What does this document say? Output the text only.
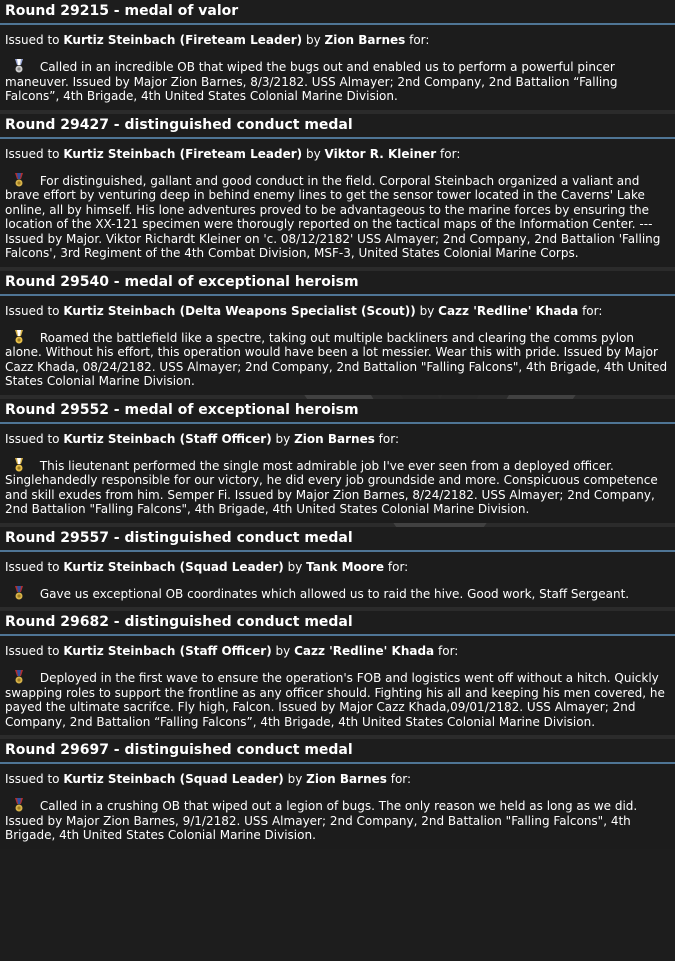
Round 29215 - medal of valor
Issued to Kurtiz Steinbach (Fireteam Leader) by Zion Barnes for:

Called in an incredible OB that wiped the bugs out and enabled us to perform a powerful pincer maneuver. Issued by Major Zion Barnes, 8/3/2182. USS Almayer; 2nd Company, 2nd Battalion “Falling Falcons”, 4th Brigade, 4th United States Colonial Marine Division.

Round 29427 - distinguished conduct medal
Issued to Kurtiz Steinbach (Fireteam Leader) by Viktor R. Kleiner for:

For distinguished, gallant and good conduct in the field. Corporal Steinbach organized a valiant and brave effort by venturing deep in behind enemy lines to get the sensor tower located in the Caverns' Lake online, all by himself. His lone adventures proved to be advantageous to the marine forces by ensuring the location of the XX-121 specimen were thorougly reported on the tactical maps of the Information Center. --- Issued by Major. Viktor Richardt Kleiner on 'c. 08/12/2182' USS Almayer; 2nd Company, 2nd Battalion 'Falling Falcons', 3rd Regiment of the 4th Combat Division, MSF-3, United States Colonial Marine Corps.

Round 29540 - medal of exceptional heroism
Issued to Kurtiz Steinbach (Delta Weapons Specialist (Scout)) by Cazz 'Redline' Khada for:

Roamed the battlefield like a spectre, taking out multiple backliners and clearing the comms pylon alone. Without his effort, this operation would have been a lot messier. Wear this with pride. Issued by Major Cazz Khada, 08/24/2182. USS Almayer; 2nd Company, 2nd Battalion "Falling Falcons", 4th Brigade, 4th United States Colonial Marine Division.

Round 29552 - medal of exceptional heroism
Issued to Kurtiz Steinbach (Staff Officer) by Zion Barnes for:

This lieutenant performed the single most admirable job I've ever seen from a deployed officer. Singlehandedly responsible for our victory, he did every job groundside and more. Conspicuous competence and skill exudes from him. Semper Fi. Issued by Major Zion Barnes, 8/24/2182. USS Almayer; 2nd Company, 2nd Battalion "Falling Falcons", 4th Brigade, 4th United States Colonial Marine Division.

Round 29557 - distinguished conduct medal
Issued to Kurtiz Steinbach (Squad Leader) by Tank Moore for:

Gave us exceptional OB coordinates which allowed us to raid the hive. Good work, Staff Sergeant.

Round 29682 - distinguished conduct medal
Issued to Kurtiz Steinbach (Staff Officer) by Cazz 'Redline' Khada for:

Deployed in the first wave to ensure the operation's FOB and logistics went off without a hitch. Quickly swapping roles to support the frontline as any officer should. Fighting his all and keeping his men covered, he payed the ultimate sacrifce. Fly high, Falcon. Issued by Major Cazz Khada,09/01/2182. USS Almayer; 2nd Company, 2nd Battalion “Falling Falcons”, 4th Brigade, 4th United States Colonial Marine Division.

Round 29697 - distinguished conduct medal
Issued to Kurtiz Steinbach (Squad Leader) by Zion Barnes for:

Called in a crushing OB that wiped out a legion of bugs. The only reason we held as long as we did. Issued by Major Zion Barnes, 9/1/2182. USS Almayer; 2nd Company, 2nd Battalion "Falling Falcons", 4th Brigade, 4th United States Colonial Marine Division.
